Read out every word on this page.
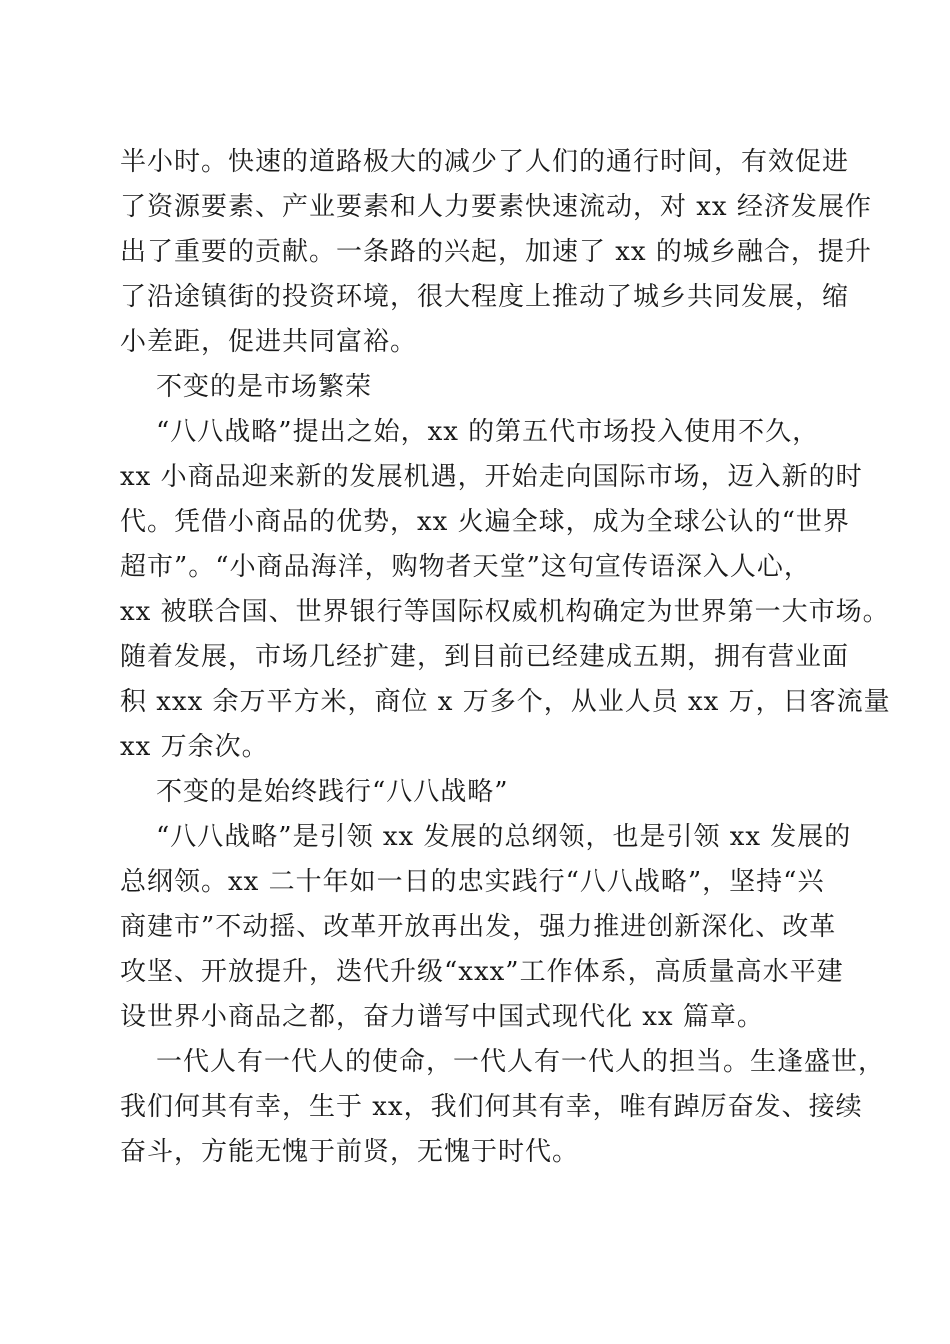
半小时。快速的道路极大的减少了人们的通行时间，有效促进
了资源要素、产业要素和人力要素快速流动，对 xx 经济发展作
出了重要的贡献。一条路的兴起，加速了 xx 的城乡融合，提升
了沿途镇街的投资环境，很大程度上推动了城乡共同发展，缩
小差距，促进共同富裕。
不变的是市场繁荣
“八八战略”提出之始，xx 的第五代市场投入使用不久，
xx 小商品迎来新的发展机遇，开始走向国际市场，迈入新的时
代。凭借小商品的优势，xx 火遍全球，成为全球公认的“世界
超市”。“小商品海洋，购物者天堂”这句宣传语深入人心，
xx 被联合国、世界银行等国际权威机构确定为世界第一大市场。
随着发展，市场几经扩建，到目前已经建成五期，拥有营业面
积 xxx 余万平方米，商位 x 万多个，从业人员 xx 万，日客流量
xx 万余次。
不变的是始终践行“八八战略”
“八八战略”是引领 xx 发展的总纲领，也是引领 xx 发展的
总纲领。xx 二十年如一日的忠实践行“八八战略”，坚持“兴
商建市”不动摇、改革开放再出发，强力推进创新深化、改革
攻坚、开放提升，迭代升级“xxx”工作体系，高质量高水平建
设世界小商品之都，奋力谱写中国式现代化 xx 篇章。
一代人有一代人的使命，一代人有一代人的担当。生逢盛世，
我们何其有幸，生于 xx，我们何其有幸，唯有踔厉奋发、接续
奋斗，方能无愧于前贤，无愧于时代。
